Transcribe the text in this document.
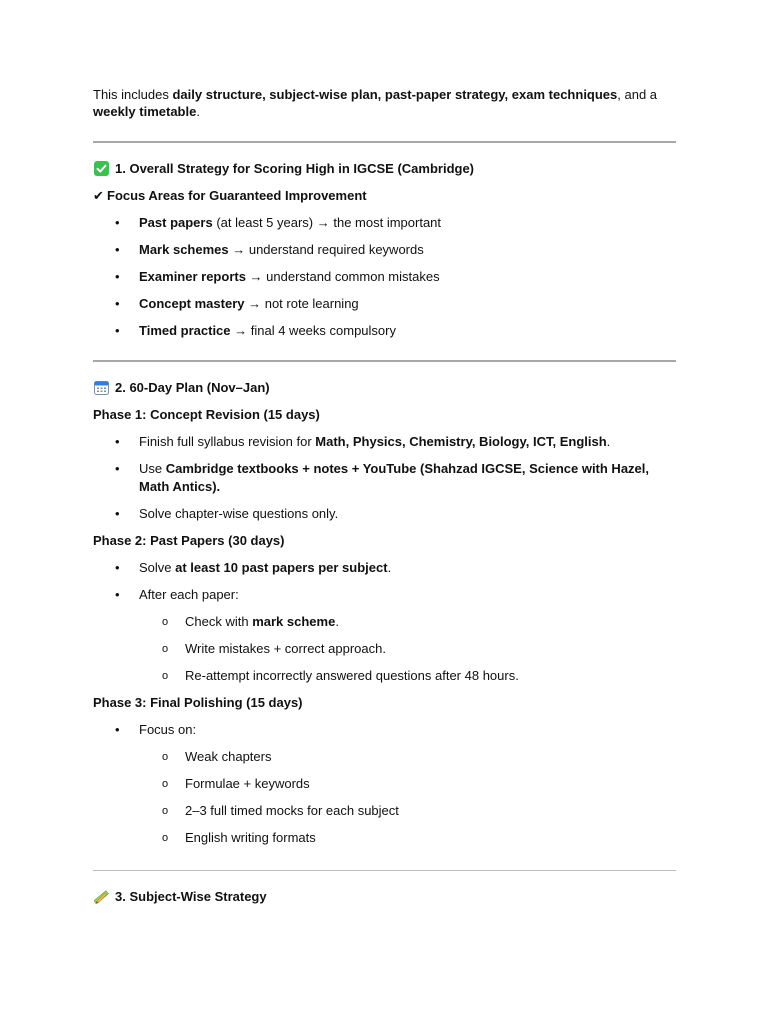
This includes daily structure, subject-wise plan, past-paper strategy, exam techniques, and a weekly timetable.

1. Overall Strategy for Scoring High in IGCSE (Cambridge)
✔ Focus Areas for Guaranteed Improvement
• Past papers (at least 5 years) → the most important
• Mark schemes → understand required keywords
• Examiner reports → understand common mistakes
• Concept mastery → not rote learning
• Timed practice → final 4 weeks compulsory
2. 60-Day Plan (Nov–Jan)
Phase 1: Concept Revision (15 days)
• Finish full syllabus revision for Math, Physics, Chemistry, Biology, ICT, English.
• Use Cambridge textbooks + notes + YouTube (Shahzad IGCSE, Science with Hazel, Math Antics).
• Solve chapter-wise questions only.
Phase 2: Past Papers (30 days)
• Solve at least 10 past papers per subject.
• After each paper:
o Check with mark scheme.
o Write mistakes + correct approach.
o Re-attempt incorrectly answered questions after 48 hours.
Phase 3: Final Polishing (15 days)
• Focus on:
o Weak chapters
o Formulae + keywords
o 2–3 full timed mocks for each subject
o English writing formats
3. Subject-Wise Strategy
